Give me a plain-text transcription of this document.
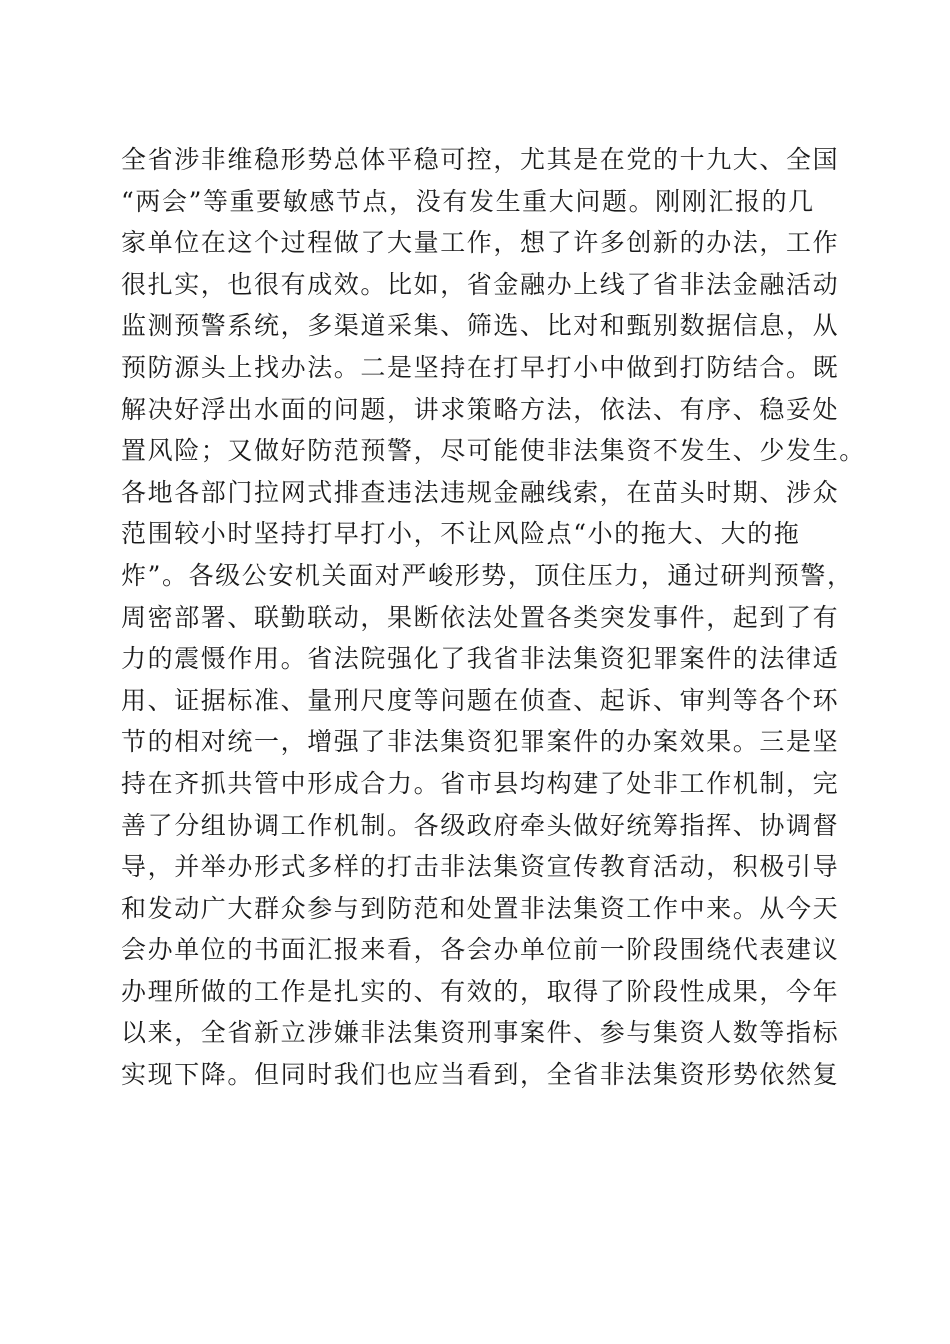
全省涉非维稳形势总体平稳可控，尤其是在党的十九大、全国
“两会”等重要敏感节点，没有发生重大问题。刚刚汇报的几
家单位在这个过程做了大量工作，想了许多创新的办法，工作
很扎实，也很有成效。比如，省金融办上线了省非法金融活动
监测预警系统，多渠道采集、筛选、比对和甄别数据信息，从
预防源头上找办法。二是坚持在打早打小中做到打防结合。既
解决好浮出水面的问题，讲求策略方法，依法、有序、稳妥处
置风险；又做好防范预警，尽可能使非法集资不发生、少发生。
各地各部门拉网式排查违法违规金融线索，在苗头时期、涉众
范围较小时坚持打早打小，不让风险点“小的拖大、大的拖
炸”。各级公安机关面对严峻形势，顶住压力，通过研判预警，
周密部署、联勤联动，果断依法处置各类突发事件，起到了有
力的震慑作用。省法院强化了我省非法集资犯罪案件的法律适
用、证据标准、量刑尺度等问题在侦查、起诉、审判等各个环
节的相对统一，增强了非法集资犯罪案件的办案效果。三是坚
持在齐抓共管中形成合力。省市县均构建了处非工作机制，完
善了分组协调工作机制。各级政府牵头做好统筹指挥、协调督
导，并举办形式多样的打击非法集资宣传教育活动，积极引导
和发动广大群众参与到防范和处置非法集资工作中来。从今天
会办单位的书面汇报来看，各会办单位前一阶段围绕代表建议
办理所做的工作是扎实的、有效的，取得了阶段性成果，今年
以来，全省新立涉嫌非法集资刑事案件、参与集资人数等指标
实现下降。但同时我们也应当看到，全省非法集资形势依然复
